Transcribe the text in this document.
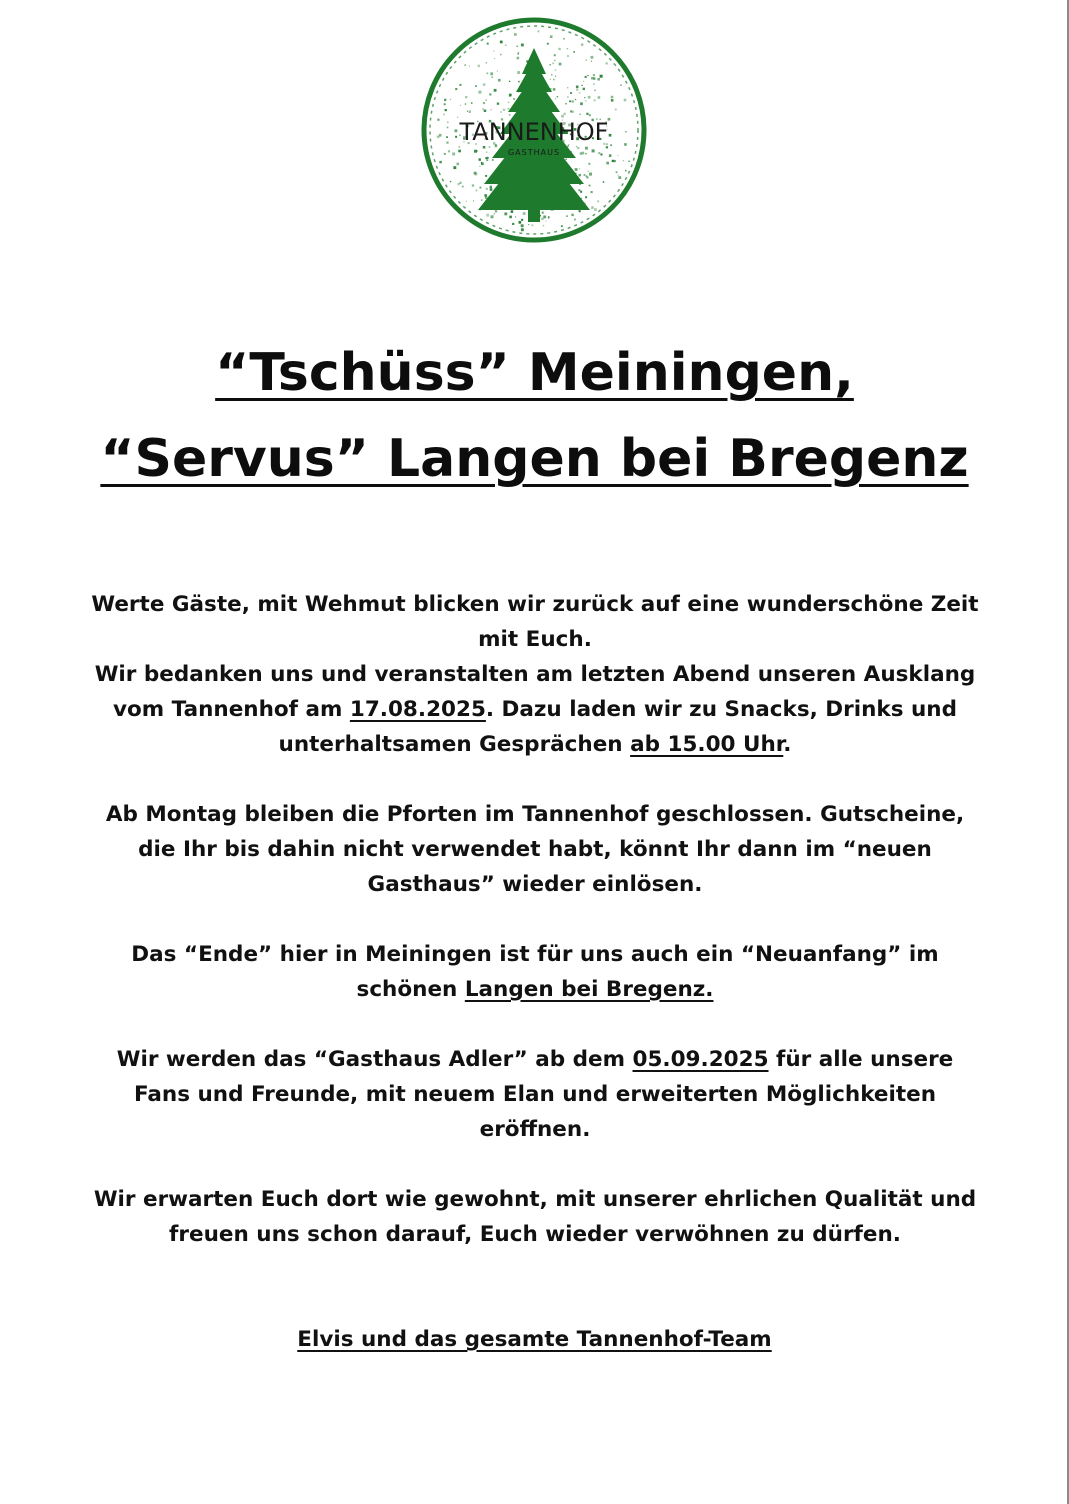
TANNENHOF
GASTHAUS
“Tschüss” Meiningen,
“Servus” Langen bei Bregenz

Werte Gäste, mit Wehmut blicken wir zurück auf eine wunderschöne Zeit mit Euch.
Wir bedanken uns und veranstalten am letzten Abend unseren Ausklang vom Tannenhof am 17.08.2025. Dazu laden wir zu Snacks, Drinks und unterhaltsamen Gesprächen ab 15.00 Uhr.

Ab Montag bleiben die Pforten im Tannenhof geschlossen. Gutscheine, die Ihr bis dahin nicht verwendet habt, könnt Ihr dann im “neuen Gasthaus” wieder einlösen.

Das “Ende” hier in Meiningen ist für uns auch ein “Neuanfang” im schönen Langen bei Bregenz.

Wir werden das “Gasthaus Adler” ab dem 05.09.2025 für alle unsere Fans und Freunde, mit neuem Elan und erweiterten Möglichkeiten eröffnen.

Wir erwarten Euch dort wie gewohnt, mit unserer ehrlichen Qualität und freuen uns schon darauf, Euch wieder verwöhnen zu dürfen.

Elvis und das gesamte Tannenhof-Team
